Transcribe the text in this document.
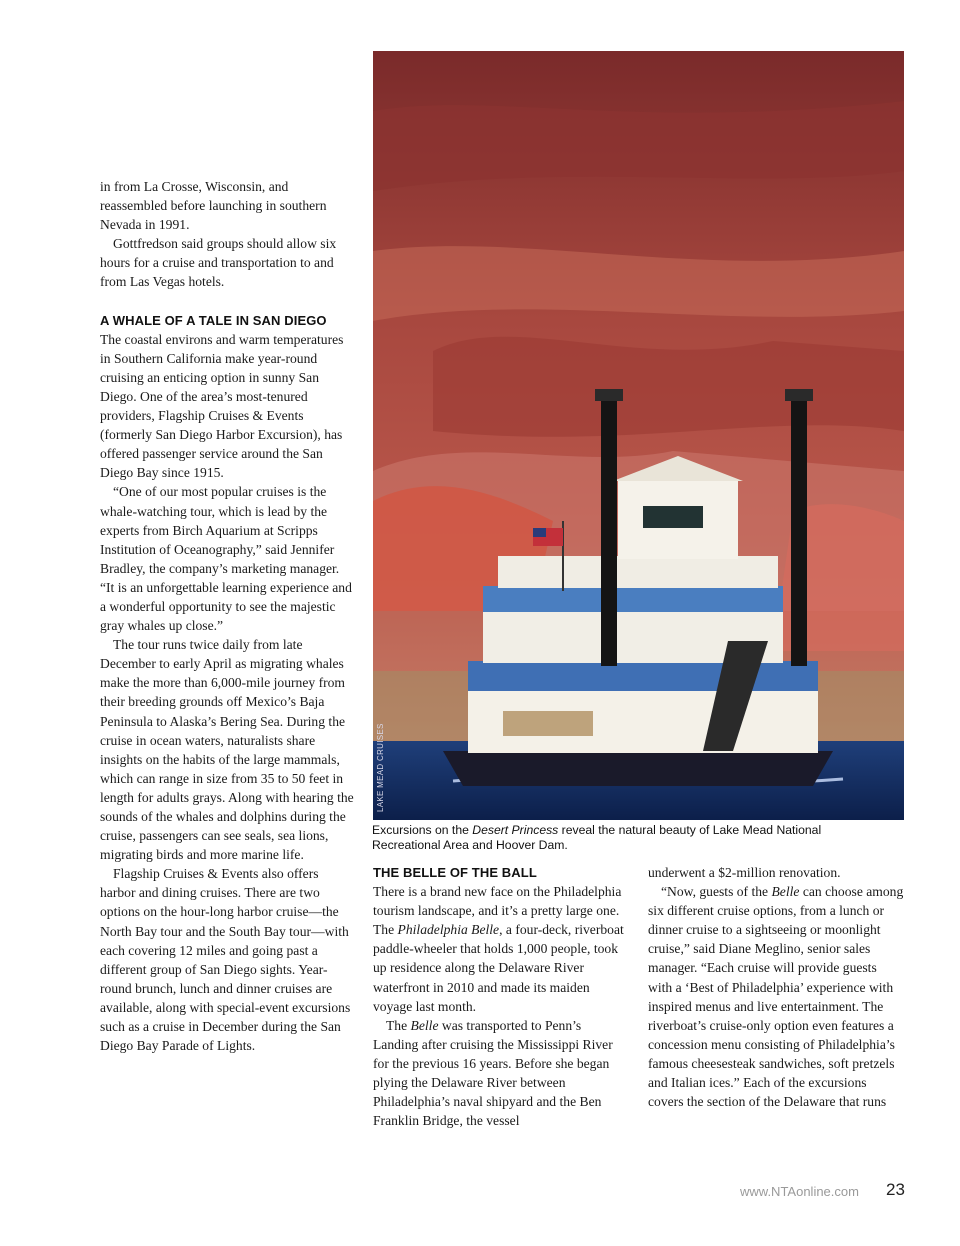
in from La Crosse, Wisconsin, and reassembled before launching in southern Nevada in 1991.

Gottfredson said groups should allow six hours for a cruise and transportation to and from Las Vegas hotels.

A WHALE OF A TALE IN SAN DIEGO

The coastal environs and warm temperatures in Southern California make year-round cruising an enticing option in sunny San Diego. One of the area’s most-tenured providers, Flagship Cruises & Events (formerly San Diego Harbor Excursion), has offered passenger service around the San Diego Bay since 1915.

“One of our most popular cruises is the whale-watching tour, which is lead by the experts from Birch Aquarium at Scripps Institution of Oceanography,” said Jennifer Bradley, the company’s marketing manager. “It is an unforgettable learning experience and a wonderful opportunity to see the majestic gray whales up close.”

The tour runs twice daily from late December to early April as migrating whales make the more than 6,000-mile journey from their breeding grounds off Mexico’s Baja Peninsula to Alaska’s Bering Sea. During the cruise in ocean waters, naturalists share insights on the habits of the large mammals, which can range in size from 35 to 50 feet in length for adults grays. Along with hearing the sounds of the whales and dolphins during the cruise, passengers can see seals, sea lions, migrating birds and more marine life.

Flagship Cruises & Events also offers harbor and dining cruises. There are two options on the hour-long harbor cruise—the North Bay tour and the South Bay tour—with each covering 12 miles and going past a different group of San Diego sights. Year-round brunch, lunch and dinner cruises are available, along with special-event excursions such as a cruise in December during the San Diego Bay Parade of Lights.

Excursions on the Desert Princess reveal the natural beauty of Lake Mead National Recreational Area and Hoover Dam.
THE BELLE OF THE BALL

There is a brand new face on the Philadelphia tourism landscape, and it’s a pretty large one. The Philadelphia Belle, a four-deck, riverboat paddle-wheeler that holds 1,000 people, took up residence along the Delaware River waterfront in 2010 and made its maiden voyage last month.

The Belle was transported to Penn’s Landing after cruising the Mississippi River for the previous 16 years. Before she began plying the Delaware River between Philadelphia’s naval shipyard and the Ben Franklin Bridge, the vessel

underwent a $2-million renovation.

“Now, guests of the Belle can choose among six different cruise options, from a lunch or dinner cruise to a sightseeing or moonlight cruise,” said Diane Meglino, senior sales manager. “Each cruise will provide guests with a ‘Best of Philadelphia’ experience with inspired menus and live entertainment. The riverboat’s cruise-only option even features a concession menu consisting of Philadelphia’s famous cheesesteak sandwiches, soft pretzels and Italian ices.” Each of the excursions covers the section of the Delaware that runs

www.NTAonline.com 23
